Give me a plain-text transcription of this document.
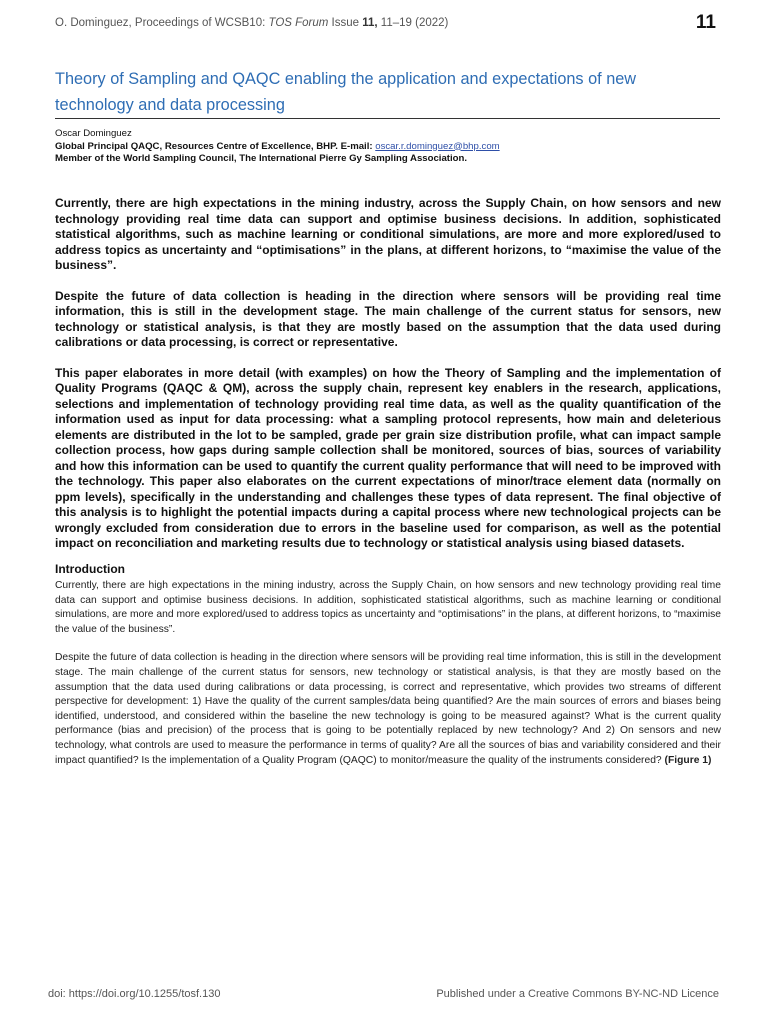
O. Dominguez, Proceedings of WCSB10: TOS Forum Issue 11, 11–19 (2022)	11
Theory of Sampling and QAQC enabling the application and expectations of new technology and data processing
Oscar Dominguez
Global Principal QAQC, Resources Centre of Excellence, BHP. E-mail: oscar.r.dominguez@bhp.com
Member of the World Sampling Council, The International Pierre Gy Sampling Association.

Currently, there are high expectations in the mining industry, across the Supply Chain, on how sensors and new technology providing real time data can support and optimise business decisions. In addition, sophisticated statistical algorithms, such as machine learning or conditional simulations, are more and more explored/used to address topics as uncertainty and “optimisations” in the plans, at different horizons, to “maximise the value of the business”.

Despite the future of data collection is heading in the direction where sensors will be providing real time information, this is still in the development stage. The main challenge of the current status for sensors, new technology or statistical analysis, is that they are mostly based on the assumption that the data used during calibrations or data processing, is correct or representative.

This paper elaborates in more detail (with examples) on how the Theory of Sampling and the implementation of Quality Programs (QAQC & QM), across the supply chain, represent key enablers in the research, applications, selections and implementation of technology providing real time data, as well as the quality quantification of the information used as input for data processing: what a sampling protocol represents, how main and deleterious elements are distributed in the lot to be sampled, grade per grain size distribution profile, what can impact sample collection process, how gaps during sample collection shall be monitored, sources of bias, sources of variability and how this information can be used to quantify the current quality performance that will need to be improved with the technology. This paper also elaborates on the current expectations of minor/trace element data (normally on ppm levels), specifically in the understanding and challenges these types of data represent. The final objective of this analysis is to highlight the potential impacts during a capital process where new technological projects can be wrongly excluded from consideration due to errors in the baseline used for comparison, as well as the potential impact on reconciliation and marketing results due to technology or statistical analysis using biased datasets.

Introduction

Currently, there are high expectations in the mining industry, across the Supply Chain, on how sensors and new technology providing real time data can support and optimise business decisions. In addition, sophisticated statistical algorithms, such as machine learning or conditional simulations, are more and more explored/used to address topics as uncertainty and “optimisations” in the plans, at different horizons, to “maximise the value of the business”.

Despite the future of data collection is heading in the direction where sensors will be providing real time information, this is still in the development stage. The main challenge of the current status for sensors, new technology or statistical analysis, is that they are mostly based on the assumption that the data used during calibrations or data processing, is correct and representative, which provides two streams of different perspective for development: 1) Have the quality of the current samples/data being quantified? Are the main sources of errors and biases being identified, understood, and considered within the baseline the new technology is going to be measured against? What is the current quality performance (bias and precision) of the process that is going to be potentially replaced by new technology? And 2) On sensors and new technology, what controls are used to measure the performance in terms of quality? Are all the sources of bias and variability considered and their impact quantified? Is the implementation of a Quality Program (QAQC) to monitor/measure the quality of the instruments considered? (Figure 1)

doi: https://doi.org/10.1255/tosf.130	Published under a Creative Commons BY-NC-ND Licence
